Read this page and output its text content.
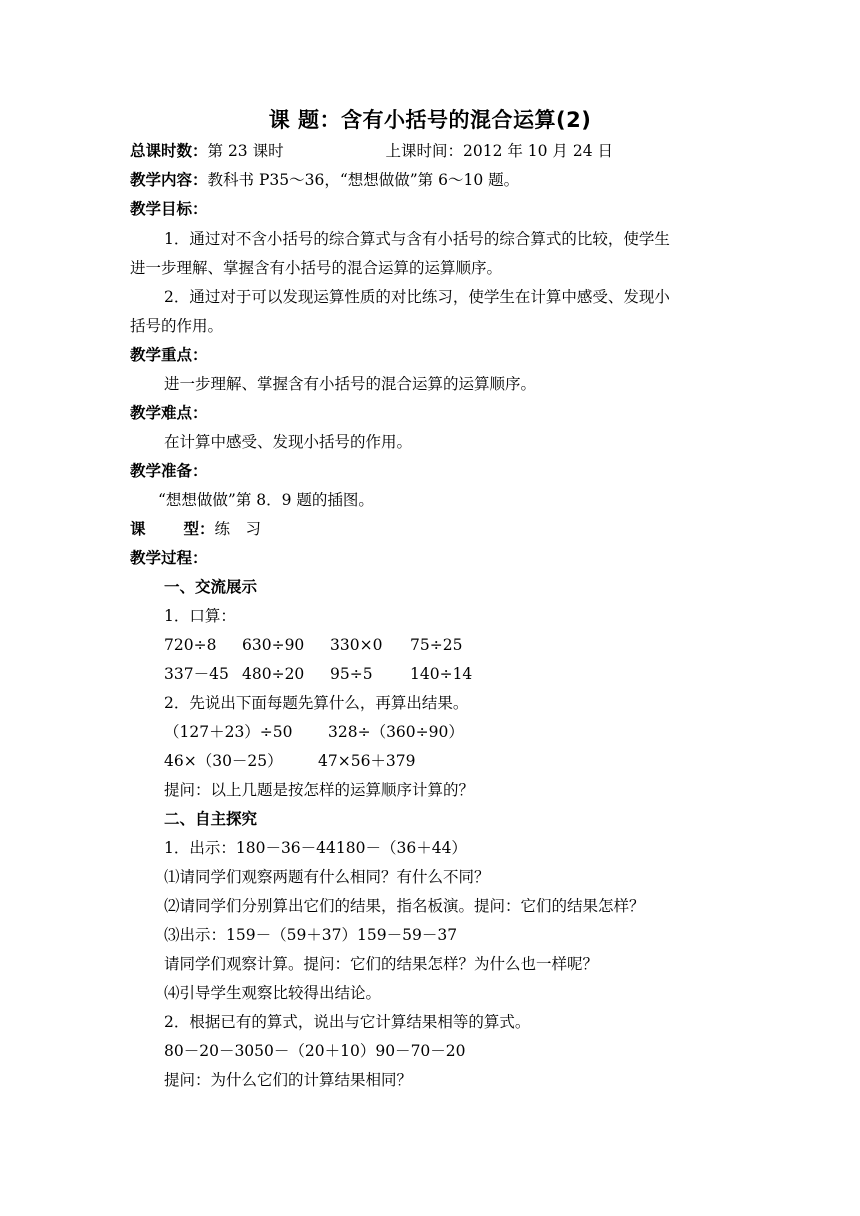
课 题：含有小括号的混合运算(2)
总课时数：第 23 课时	上课时间：2012 年 10 月 24 日
教学内容：教科书 P35～36，“想想做做”第 6～10 题。
教学目标：
1．通过对不含小括号的综合算式与含有小括号的综合算式的比较，使学生
进一步理解、掌握含有小括号的混合运算的运算顺序。
2．通过对于可以发现运算性质的对比练习，使学生在计算中感受、发现小
括号的作用。
教学重点：
进一步理解、掌握含有小括号的混合运算的运算顺序。
教学难点：
在计算中感受、发现小括号的作用。
教学准备：
“想想做做”第 8．9 题的插图。
课 型：练　习
教学过程：
一、交流展示
1．口算：
720÷8 630÷90 330×0 75÷25
337－45 480÷20 95÷5 140÷14
2．先说出下面每题先算什么，再算出结果。
（127＋23）÷50 328÷（360÷90）
46×（30－25） 47×56＋379
提问：以上几题是按怎样的运算顺序计算的？
二、自主探究
1．出示：180－36－44180－（36＋44）
⑴请同学们观察两题有什么相同？有什么不同？
⑵请同学们分别算出它们的结果，指名板演。提问：它们的结果怎样？
⑶出示：159－（59＋37）159－59－37
请同学们观察计算。提问：它们的结果怎样？为什么也一样呢？
⑷引导学生观察比较得出结论。
2．根据已有的算式，说出与它计算结果相等的算式。
80－20－3050－（20＋10）90－70－20
提问：为什么它们的计算结果相同？
